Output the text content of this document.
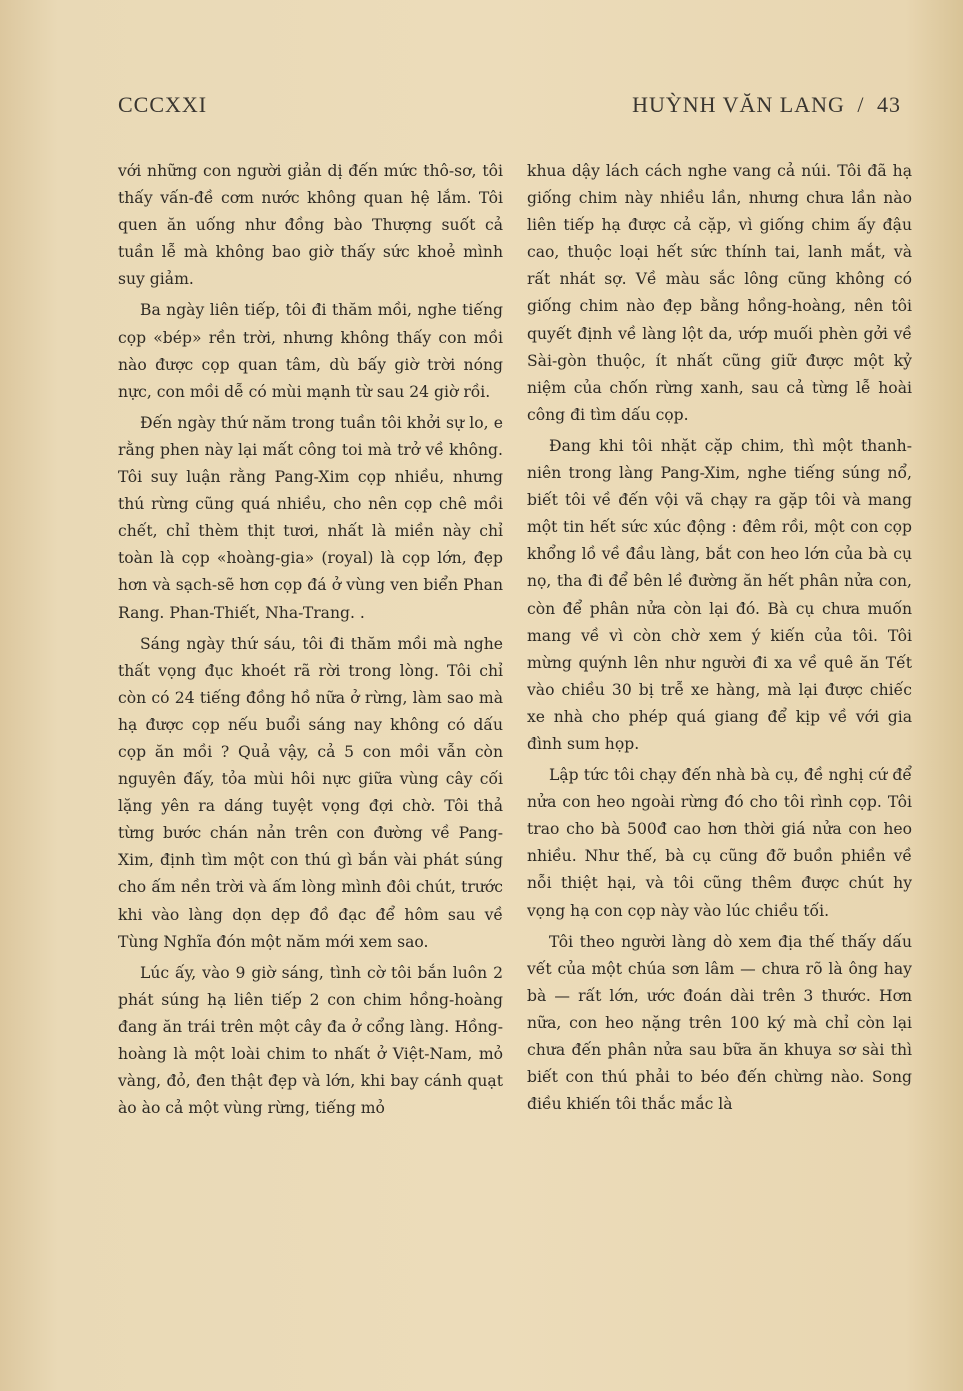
CCCXXI	HUỲNH VĂN LANG / 43

với những con người giản dị đến mức thô-sơ, tôi thấy vấn-đề cơm nước không quan hệ lắm. Tôi quen ăn uống như đồng bào Thượng suốt cả tuần lễ mà không bao giờ thấy sức khoẻ mình suy giảm.

Ba ngày liên tiếp, tôi đi thăm mồi, nghe tiếng cọp «bép» rền trời, nhưng không thấy con mồi nào được cọp quan tâm, dù bấy giờ trời nóng nực, con mồi dễ có mùi mạnh từ sau 24 giờ rồi.

Đến ngày thứ năm trong tuần tôi khởi sự lo, e rằng phen này lại mất công toi mà trở về không. Tôi suy luận rằng Pang-Xim cọp nhiều, nhưng thú rừng cũng quá nhiều, cho nên cọp chê mồi chết, chỉ thèm thịt tươi, nhất là miền này chỉ toàn là cọp «hoàng-gia» (royal) là cọp lớn, đẹp hơn và sạch-sẽ hơn cọp đá ở vùng ven biển Phan Rang. Phan-Thiết, Nha-Trang. .

Sáng ngày thứ sáu, tôi đi thăm mồi mà nghe thất vọng đục khoét rã rời trong lòng. Tôi chỉ còn có 24 tiếng đồng hồ nữa ở rừng, làm sao mà hạ được cọp nếu buổi sáng nay không có dấu cọp ăn mồi ? Quả vậy, cả 5 con mồi vẫn còn nguyên đấy, tỏa mùi hôi nực giữa vùng cây cối lặng yên ra dáng tuyệt vọng đợi chờ. Tôi thả từng bước chán nản trên con đường về Pang-Xim, định tìm một con thú gì bắn vài phát súng cho ấm nền trời và ấm lòng mình đôi chút, trước khi vào làng dọn dẹp đồ đạc để hôm sau về Tùng Nghĩa đón một năm mới xem sao.

Lúc ấy, vào 9 giờ sáng, tình cờ tôi bắn luôn 2 phát súng hạ liên tiếp 2 con chim hồng-hoàng đang ăn trái trên một cây đa ở cổng làng. Hồng-hoàng là một loài chim to nhất ở Việt-Nam, mỏ vàng, đỏ, đen thật đẹp và lớn, khi bay cánh quạt ào ào cả một vùng rừng, tiếng mỏ

khua dậy lách cách nghe vang cả núi. Tôi đã hạ giống chim này nhiều lần, nhưng chưa lần nào liên tiếp hạ được cả cặp, vì giống chim ấy đậu cao, thuộc loại hết sức thính tai, lanh mắt, và rất nhát sợ. Về màu sắc lông cũng không có giống chim nào đẹp bằng hồng-hoàng, nên tôi quyết định về làng lột da, ướp muối phèn gởi về Sài-gòn thuộc, ít nhất cũng giữ được một kỷ niệm của chốn rừng xanh, sau cả từng lễ hoài công đi tìm dấu cọp.

Đang khi tôi nhặt cặp chim, thì một thanh-niên trong làng Pang-Xim, nghe tiếng súng nổ, biết tôi về đến vội vã chạy ra gặp tôi và mang một tin hết sức xúc động : đêm rồi, một con cọp khổng lồ về đầu làng, bắt con heo lớn của bà cụ nọ, tha đi để bên lề đường ăn hết phân nửa con, còn để phân nửa còn lại đó. Bà cụ chưa muốn mang về vì còn chờ xem ý kiến của tôi. Tôi mừng quýnh lên như người đi xa về quê ăn Tết vào chiều 30 bị trễ xe hàng, mà lại được chiếc xe nhà cho phép quá giang để kịp về với gia đình sum họp.

Lập tức tôi chạy đến nhà bà cụ, đề nghị cứ để nửa con heo ngoài rừng đó cho tôi rình cọp. Tôi trao cho bà 500đ cao hơn thời giá nửa con heo nhiều. Như thế, bà cụ cũng đỡ buồn phiền về nỗi thiệt hại, và tôi cũng thêm được chút hy vọng hạ con cọp này vào lúc chiều tối.

Tôi theo người làng dò xem địa thế thấy dấu vết của một chúa sơn lâm — chưa rõ là ông hay bà — rất lớn, ước đoán dài trên 3 thước. Hơn nữa, con heo nặng trên 100 ký mà chỉ còn lại chưa đến phân nửa sau bữa ăn khuya sơ sài thì biết con thú phải to béo đến chừng nào. Song điều khiến tôi thắc mắc là
